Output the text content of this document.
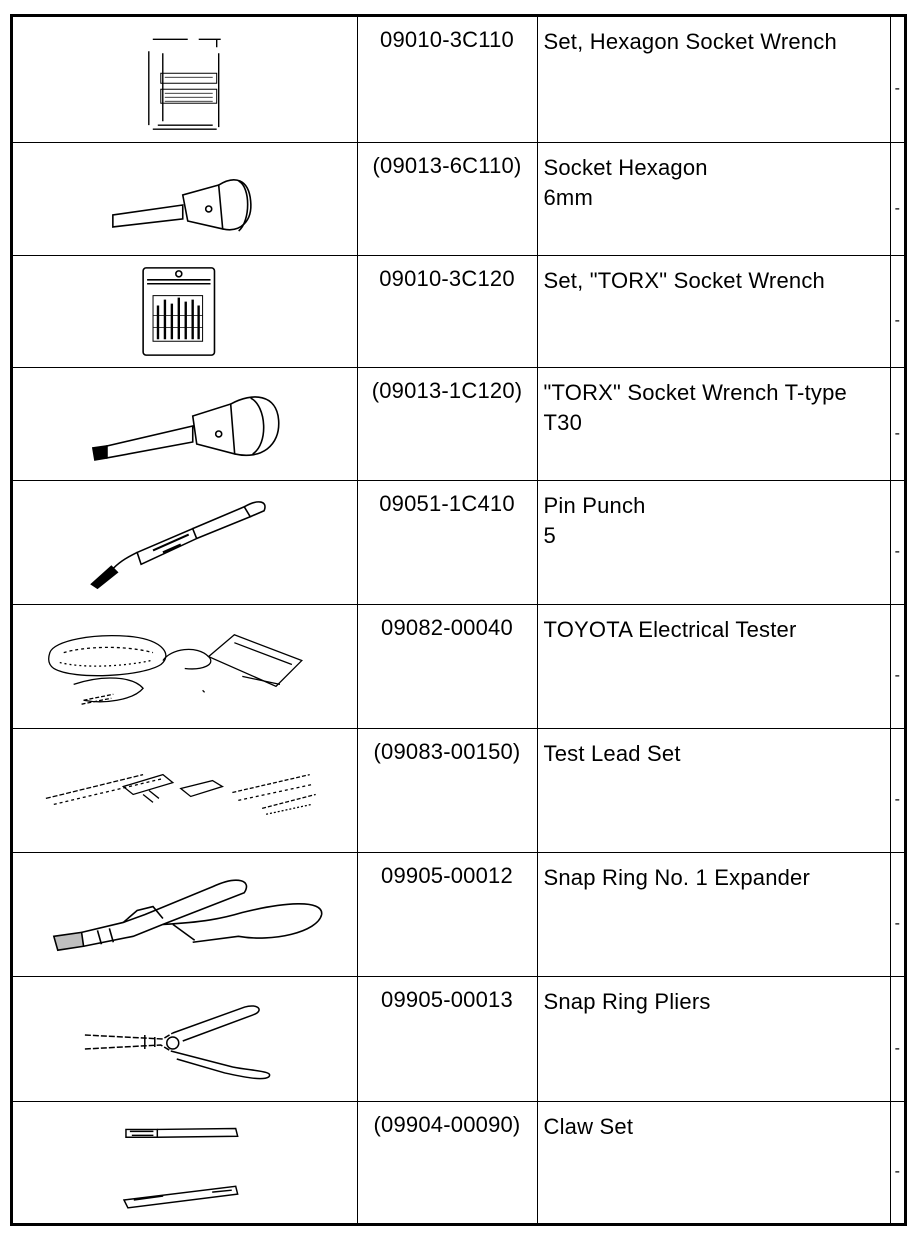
	09010-3C110	Set, Hexagon Socket Wrench	-

	(09013-6C110)	Socket Hexagon
6mm	-

	09010-3C120	Set, "TORX" Socket Wrench	-

	(09013-1C120)	"TORX" Socket Wrench T-type
T30	-

	09051-1C410	Pin Punch
5	-

	09082-00040	TOYOTA Electrical Tester	-

	(09083-00150)	Test Lead Set	-

	09905-00012	Snap Ring No. 1 Expander	-

	09905-00013	Snap Ring Pliers	-

	(09904-00090)	Claw Set	-
